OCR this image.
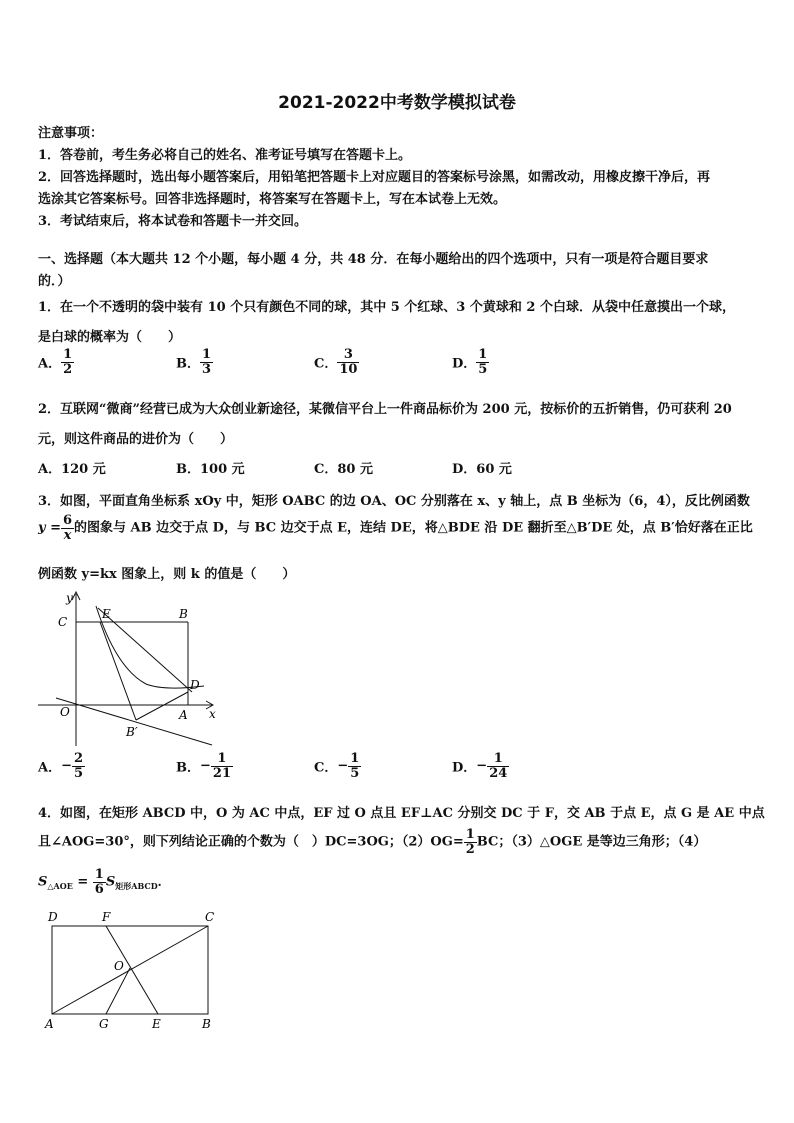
2021-2022中考数学模拟试卷
注意事项：
1．答卷前，考生务必将自己的姓名、准考证号填写在答题卡上。
2．回答选择题时，选出每小题答案后，用铅笔把答题卡上对应题目的答案标号涂黑，如需改动，用橡皮擦干净后，再
选涂其它答案标号。回答非选择题时，将答案写在答题卡上，写在本试卷上无效。
3．考试结束后，将本试卷和答题卡一并交回。
一、选择题（本大题共 12 个小题，每小题 4 分，共 48 分．在每小题给出的四个选项中，只有一项是符合题目要求
的．）
1．在一个不透明的袋中装有 10 个只有颜色不同的球，其中 5 个红球、3 个黄球和 2 个白球．从袋中任意摸出一个球，
是白球的概率为（　　）
A． $\frac{1}{2}$	B． $\frac{1}{3}$	C． $\frac{3}{10}$	D． $\frac{1}{5}$
2．互联网“微商”经营已成为大众创业新途径，某微信平台上一件商品标价为 200 元，按标价的五折销售，仍可获利 20
元，则这件商品的进价为（　　）
A．120 元	B．100 元	C．80 元	D．60 元
3．如图，平面直角坐标系 xOy 中，矩形 OABC 的边 OA、OC 分别落在 x、y 轴上，点 B 坐标为（6，4），反比例函数
$y = \frac{6}{x}$ 的图象与 AB 边交于点 D，与 BC 边交于点 E，连结 DE，将△BDE 沿 DE 翻折至△B′DE 处，点 B′恰好落在正比
例函数 y=kx 图象上，则 k 的值是（　　）
y
x
O
C
E	B
D
A
B′
A．− $\frac{2}{5}$	B．− $\frac{1}{21}$	C．− $\frac{1}{5}$	D．− $\frac{1}{24}$
4．如图，在矩形 ABCD 中，O 为 AC 中点，EF 过 O 点且 EF⊥AC 分别交 DC 于 F，交 AB 于点 E，点 G 是 AE 中点
且∠AOG=30°，则下列结论正确的个数为（　）DC=3OG；$(2)OG= \frac{1}{2}$ BC；（3）△OGE 是等边三角形；（4）
$S_{\triangle AOE} = \frac{1}{6} S_{矩形ABCD}$．
D	F	C
O
A	G	E	B
